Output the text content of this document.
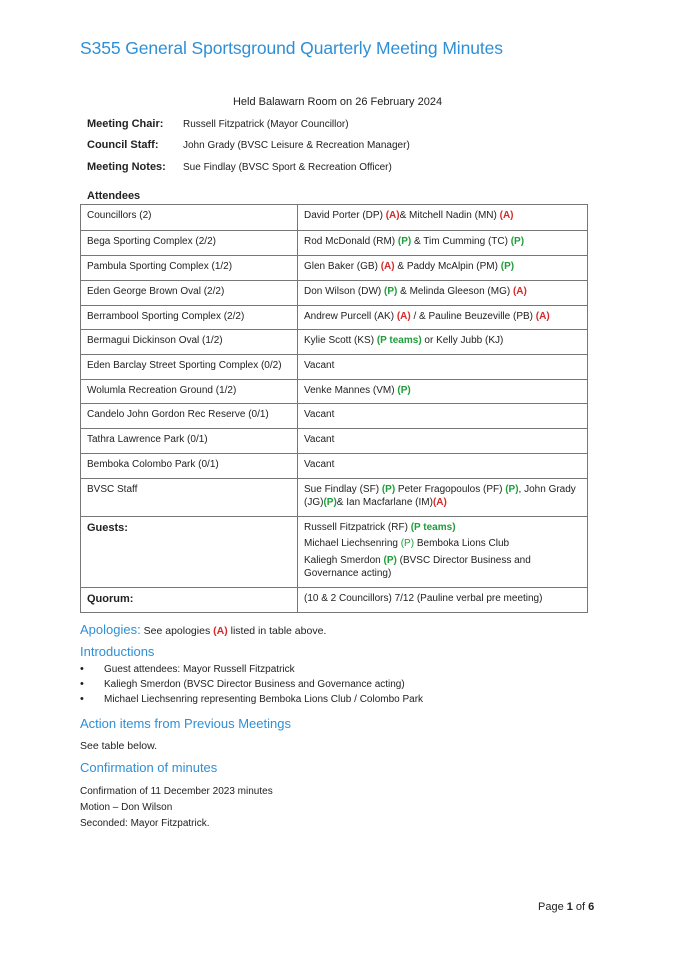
S355 General Sportsground Quarterly Meeting Minutes
Held Balawarn Room on 26 February 2024
Meeting Chair: Russell Fitzpatrick (Mayor Councillor)
Council Staff: John Grady (BVSC Leisure & Recreation Manager)
Meeting Notes: Sue Findlay (BVSC Sport & Recreation Officer)
Attendees
Councillors (2)	David Porter (DP) (A)& Mitchell Nadin (MN) (A)
Bega Sporting Complex (2/2)	Rod McDonald (RM) (P) & Tim Cumming (TC) (P)
Pambula Sporting Complex (1/2)	Glen Baker (GB) (A) & Paddy McAlpin (PM) (P)
Eden George Brown Oval (2/2)	Don Wilson (DW) (P) & Melinda Gleeson (MG) (A)
Berrambool Sporting Complex (2/2)	Andrew Purcell (AK) (A) / & Pauline Beuzeville (PB) (A)
Bermagui Dickinson Oval (1/2)	Kylie Scott (KS) (P teams) or Kelly Jubb (KJ)
Eden Barclay Street Sporting Complex (0/2)	Vacant
Wolumla Recreation Ground (1/2)	Venke Mannes (VM) (P)
Candelo John Gordon Rec Reserve (0/1)	Vacant
Tathra Lawrence Park (0/1)	Vacant
Bemboka Colombo Park (0/1)	Vacant
BVSC Staff	Sue Findlay (SF) (P) Peter Fragopoulos (PF) (P), John Grady (JG)(P)& Ian Macfarlane (IM)(A)
Guests:	Russell Fitzpatrick (RF) (P teams)
Michael Liechsenring (P) Bemboka Lions Club
Kaliegh Smerdon (P) (BVSC Director Business and Governance acting)

Quorum:	(10 & 2 Councillors) 7/12 (Pauline verbal pre meeting)
Apologies: See apologies (A) listed in table above.
Introductions
• Guest attendees: Mayor Russell Fitzpatrick
• Kaliegh Smerdon (BVSC Director Business and Governance acting)
• Michael Liechsenring representing Bemboka Lions Club / Colombo Park
Action items from Previous Meetings
See table below.
Confirmation of minutes
Confirmation of 11 December 2023 minutes
Motion – Don Wilson
Seconded: Mayor Fitzpatrick.
Page 1 of 6
